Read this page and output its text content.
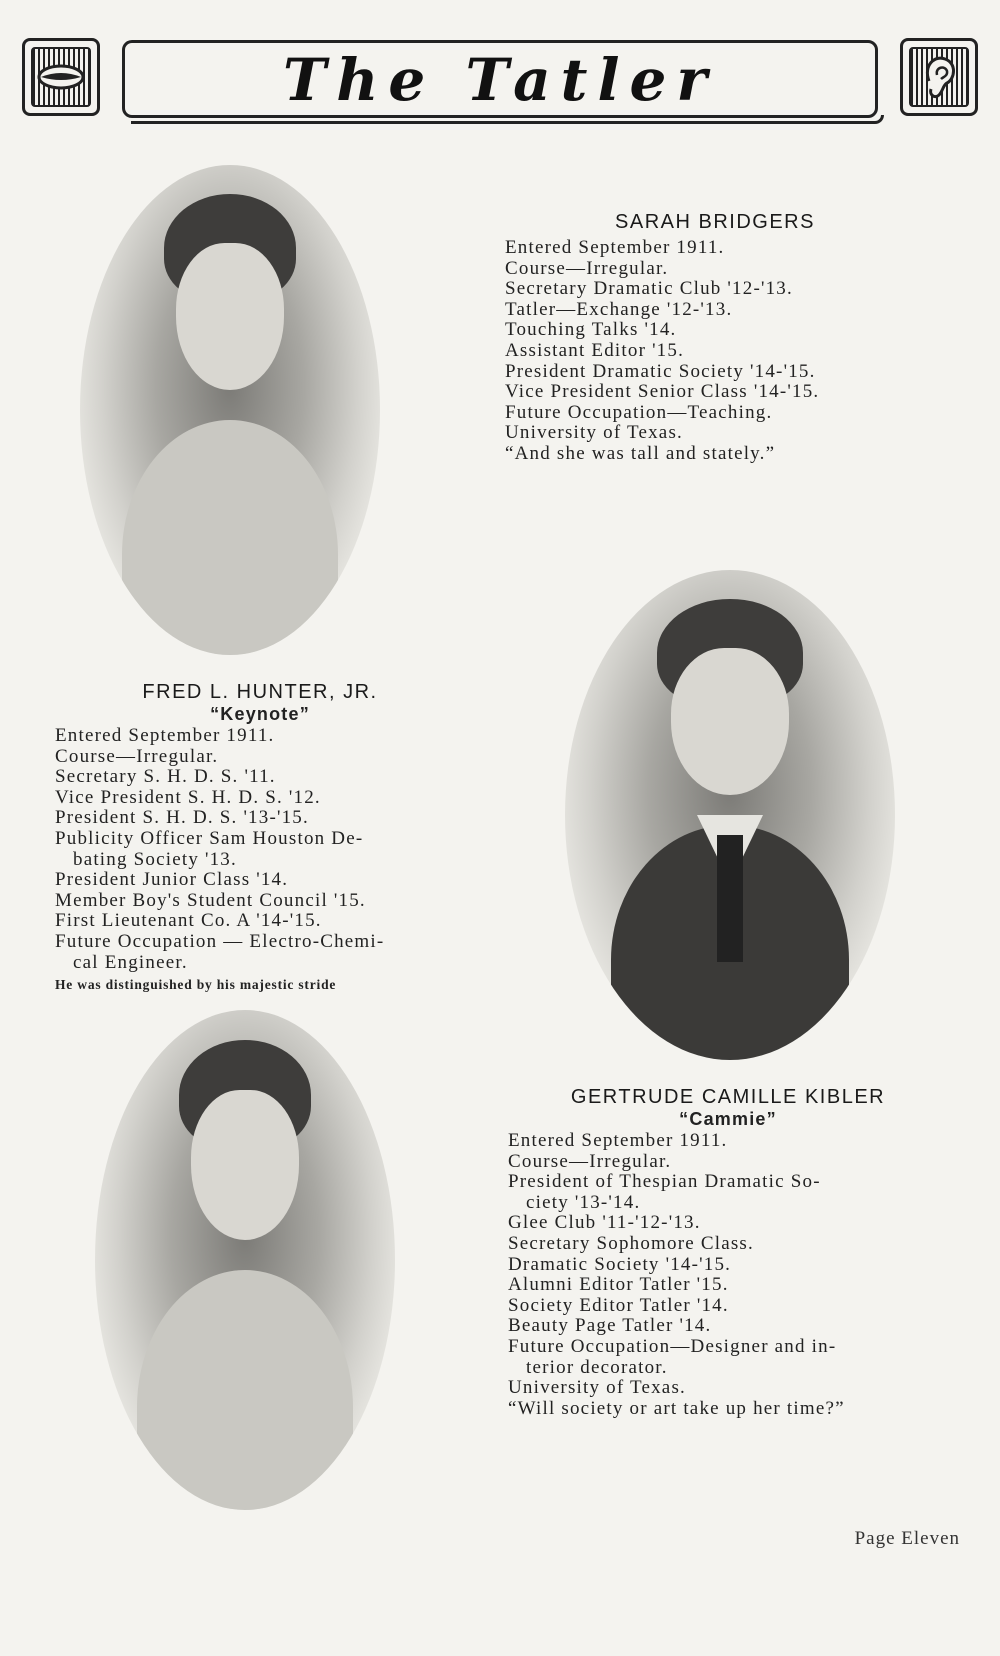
The Tatler
SARAH BRIDGERS
Entered September 1911.
Course—Irregular.
Secretary Dramatic Club '12-'13.
Tatler—Exchange '12-'13.
Touching Talks '14.
Assistant Editor '15.
President Dramatic Society '14-'15.
Vice President Senior Class '14-'15.
Future Occupation—Teaching.
University of Texas.
“And she was tall and stately.”
FRED L. HUNTER, JR.
“Keynote”
Entered September 1911.
Course—Irregular.
Secretary S. H. D. S. '11.
Vice President S. H. D. S. '12.
President S. H. D. S. '13-'15.
Publicity Officer Sam Houston De-
bating Society '13.
President Junior Class '14.
Member Boy's Student Council '15.
First Lieutenant Co. A '14-'15.
Future Occupation — Electro-Chemi-
cal Engineer.
He was distinguished by his majestic stride
GERTRUDE CAMILLE KIBLER
“Cammie”
Entered September 1911.
Course—Irregular.
President of Thespian Dramatic So-
ciety '13-'14.
Glee Club '11-'12-'13.
Secretary Sophomore Class.
Dramatic Society '14-'15.
Alumni Editor Tatler '15.
Society Editor Tatler '14.
Beauty Page Tatler '14.
Future Occupation—Designer and in-
terior decorator.
University of Texas.
“Will society or art take up her time?”
Page Eleven
